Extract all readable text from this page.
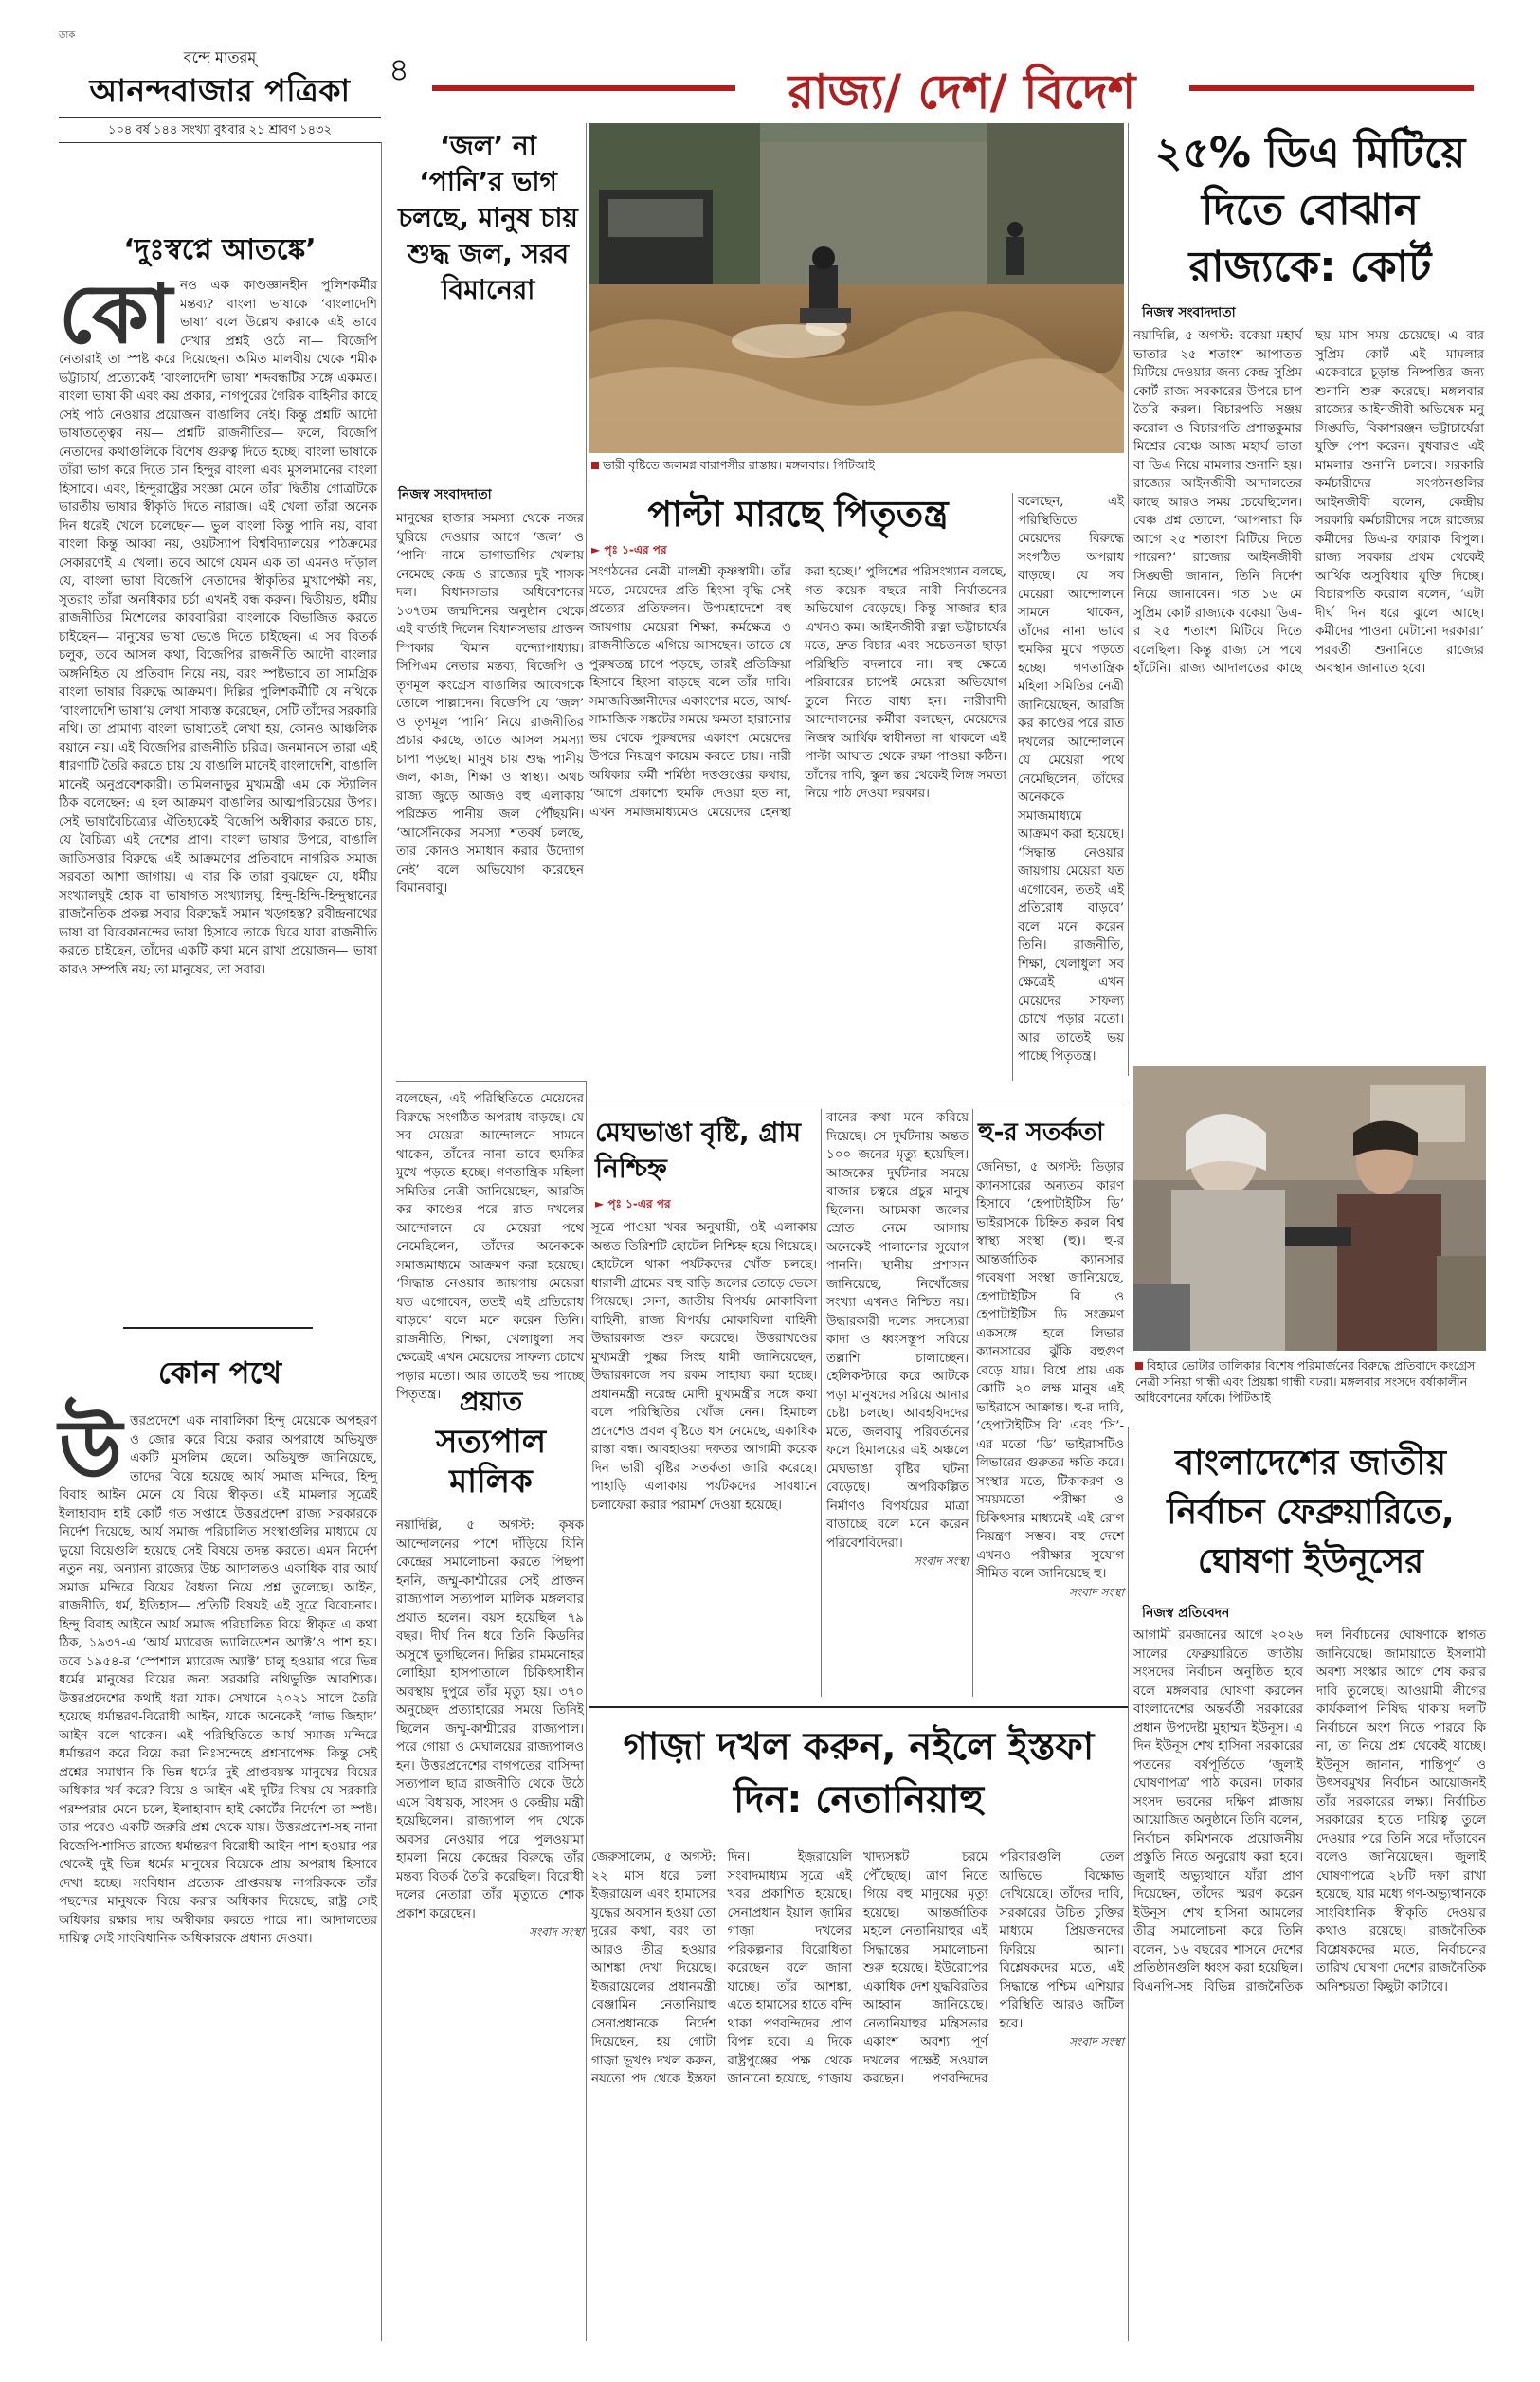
ডাক
বন্দে মাতরম্
আনন্দবাজার পত্রিকা
১০৪ বর্ষ ১৪৪ সংখ্যা বুধবার ২১ শ্রাবণ ১৪৩২
৪	রাজ্য/ দেশ/ বিদেশ
‘দুঃস্বপ্নে আতঙ্কে’
কো নও এক কাণ্ডজ্ঞানহীন পুলিশকর্মীর মন্তব্য? বাংলা ভাষাকে ‘বাংলাদেশি ভাষা’ বলে উল্লেখ করাকে এই ভাবে দেখার প্রশ্নই ওঠে না— বিজেপি নেতারাই তা স্পষ্ট করে দিয়েছেন। অমিত মালবীয় থেকে শমীক ভট্টাচার্য, প্রত্যেকেই ‘বাংলাদেশি ভাষা’ শব্দবন্ধটির সঙ্গে একমত। বাংলা ভাষা কী এবং কয় প্রকার, নাগপুরের গৈরিক বাহিনীর কাছে সেই পাঠ নেওয়ার প্রয়োজন বাঙালির নেই। কিন্তু প্রশ্নটি আদৌ ভাষাতত্ত্বের নয়— প্রশ্নটি রাজনীতির— ফলে, বিজেপি নেতাদের কথাগুলিকে বিশেষ গুরুত্ব দিতে হচ্ছে। বাংলা ভাষাকে তাঁরা ভাগ করে দিতে চান হিন্দুর বাংলা এবং মুসলমানের বাংলা হিসাবে। এবং, হিন্দুরাষ্ট্রের সংজ্ঞা মেনে তাঁরা দ্বিতীয় গোত্রটিকে ভারতীয় ভাষার স্বীকৃতি দিতে নারাজ। এই খেলা তাঁরা অনেক দিন ধরেই খেলে চলেছেন— ভুল বাংলা কিন্তু পানি নয়, বাবা বাংলা কিন্তু আব্বা নয়, ওয়টস্যাপ বিশ্ববিদ্যালয়ের পাঠক্রমের সেকারণেই এ খেলা। তবে আগে যেমন এক তা এমনও দাঁড়াল যে, বাংলা ভাষা বিজেপি নেতাদের স্বীকৃতির মুখাপেক্ষী নয়, সুতরাং তাঁরা অনধিকার চর্চা এখনই বন্ধ করুন। দ্বিতীয়ত, ধর্মীয় রাজনীতির মিশেলের কারবারিরা বাংলাকে বিভাজিত করতে চাইছেন— মানুষের ভাষা ভেঙে দিতে চাইছেন। এ সব বিতর্ক চলুক, তবে আসল কথা, বিজেপির রাজনীতি আদৌ বাংলার অঙ্গনিহিত যে প্রতিবাদ নিয়ে নয়, বরং স্পষ্টভাবে তা সামগ্রিক বাংলা ভাষার বিরুদ্ধে আক্রমণ। দিল্লির পুলিশকর্মীটি যে নথিকে ‘বাংলাদেশি ভাষা’য় লেখা সাব্যস্ত করেছেন, সেটি তাঁদের সরকারি নথি। তা প্রামাণ্য বাংলা ভাষাতেই লেখা হয়, কোনও আঞ্চলিক বয়ানে নয়। এই বিজেপির রাজনীতি চরিত্র। জনমানসে তারা এই ধারণাটি তৈরি করতে চায় যে বাঙালি মানেই বাংলাদেশি, বাঙালি মানেই অনুপ্রবেশকারী। তামিলনাড়ুর মুখ্যমন্ত্রী এম কে স্ট্যালিন ঠিক বলেছেন: এ হল আক্রমণ বাঙালির আত্মপরিচয়ের উপর। সেই ভাষাবৈচিত্র্যের ঐতিহ্যকেই বিজেপি অস্বীকার করতে চায়, যে বৈচিত্র্য এই দেশের প্রাণ। বাংলা ভাষার উপরে, বাঙালি জাতিসত্তার বিরুদ্ধে এই আক্রমণের প্রতিবাদে নাগরিক সমাজ সরবতা আশা জাগায়। এ বার কি তারা বুঝছেন যে, ধর্মীয় সংখ্যালঘুই হোক বা ভাষাগত সংখ্যালঘু, হিন্দু-হিন্দি-হিন্দুস্থানের রাজনৈতিক প্রকল্প সবার বিরুদ্ধেই সমান খড়্গহস্ত? রবীন্দ্রনাথের ভাষা বা বিবেকানন্দের ভাষা হিসাবে তাকে ঘিরে যারা রাজনীতি করতে চাইছেন, তাঁদের একটি কথা মনে রাখা প্রয়োজন— ভাষা কারও সম্পত্তি নয়; তা মানুষের, তা সবার।
কোন পথে
উ ত্তরপ্রদেশে এক নাবালিকা হিন্দু মেয়েকে অপহরণ ও জোর করে বিয়ে করার অপরাধে অভিযুক্ত একটি মুসলিম ছেলে। অভিযুক্ত জানিয়েছে, তাদের বিয়ে হয়েছে আর্য সমাজ মন্দিরে, হিন্দু বিবাহ আইন মেনে যে বিয়ে স্বীকৃত। এই মামলার সূত্রেই ইলাহাবাদ হাই কোর্ট গত সপ্তাহে উত্তরপ্রদেশ রাজ্য সরকারকে নির্দেশ দিয়েছে, আর্য সমাজ পরিচালিত সংস্থাগুলির মাধ্যমে যে ভুয়ো বিয়েগুলি হয়েছে সেই বিষয়ে তদন্ত করতে। এমন নির্দেশ নতুন নয়, অন্যান্য রাজ্যের উচ্চ আদালতও একাধিক বার আর্য সমাজ মন্দিরে বিয়ের বৈধতা নিয়ে প্রশ্ন তুলেছে। আইন, রাজনীতি, ধর্ম, ইতিহাস— প্রতিটি বিষয়ই এই সূত্রে বিবেচনার। হিন্দু বিবাহ আইনে আর্য সমাজ পরিচালিত বিয়ে স্বীকৃত এ কথা ঠিক, ১৯৩৭-এ ‘আর্য ম্যারেজ ভ্যালিডেশন অ্যাক্ট’ও পাশ হয়। তবে ১৯৫৪-র ‘স্পেশাল ম্যারেজ অ্যাক্ট’ চালু হওয়ার পরে ভিন্ন ধর্মের মানুষের বিয়ের জন্য সরকারি নথিভুক্তি আবশ্যিক। উত্তরপ্রদেশের কথাই ধরা যাক। সেখানে ২০২১ সালে তৈরি হয়েছে ধর্মান্তরণ-বিরোধী আইন, যাকে অনেকেই ‘লাভ জিহাদ’ আইন বলে থাকেন। এই পরিস্থিতিতে আর্য সমাজ মন্দিরে ধর্মান্তরণ করে বিয়ে করা নিঃসন্দেহে প্রশ্নসাপেক্ষ। কিন্তু সেই প্রশ্নের সমাধান কি ভিন্ন ধর্মের দুই প্রাপ্তবয়স্ক মানুষের বিয়ের অধিকার খর্ব করে? বিয়ে ও আইন এই দুটির বিষয় যে সরকারি পরম্পরার মেনে চলে, ইলাহাবাদ হাই কোর্টের নির্দেশে তা স্পষ্ট। তার পরেও একটি জরুরি প্রশ্ন থেকে যায়। উত্তরপ্রদেশ-সহ নানা বিজেপি-শাসিত রাজ্যে ধর্মান্তরণ বিরোধী আইন পাশ হওয়ার পর থেকেই দুই ভিন্ন ধর্মের মানুষের বিয়েকে প্রায় অপরাধ হিসাবে দেখা হচ্ছে। সংবিধান প্রত্যেক প্রাপ্তবয়স্ক নাগরিককে তাঁর পছন্দের মানুষকে বিয়ে করার অধিকার দিয়েছে, রাষ্ট্র সেই অধিকার রক্ষার দায় অস্বীকার করতে পারে না। আদালতের দায়িত্ব সেই সাংবিধানিক অধিকারকে প্রধান্য দেওয়া।
‘জল’ না ‘পানি’র ভাগ চলছে, মানুষ চায় শুদ্ধ জল, সরব বিমানেরা
নিজস্ব সংবাদদাতা
মানুষের হাজার সমস্যা থেকে নজর ঘুরিয়ে দেওয়ার আগে ‘জল’ ও ‘পানি’ নামে ভাগাভাগির খেলায় নেমেছে কেন্দ্র ও রাজ্যের দুই শাসক দল। বিধানসভার অধিবেশনের ১৩৭তম জন্মদিনের অনুষ্ঠান থেকে এই বার্তাই দিলেন বিধানসভার প্রাক্তন স্পিকার বিমান বন্দ্যোপাধ্যায়। সিপিএম নেতার মন্তব্য, বিজেপি ও তৃণমূল কংগ্রেস বাঙালির আবেগকে তোলে পাল্লাদেন। বিজেপি যে ‘জল’ ও তৃণমূল ‘পানি’ নিয়ে রাজনীতির প্রচার করছে, তাতে আসল সমস্যা চাপা পড়ছে। মানুষ চায় শুদ্ধ পানীয় জল, কাজ, শিক্ষা ও স্বাস্থ্য। অথচ রাজ্য জুড়ে আজও বহু এলাকায় পরিস্রুত পানীয় জল পৌঁছয়নি। ‘আর্সেনিকের সমস্যা শতবর্ষ চলছে, তার কোনও সমাধান করার উদ্যোগ নেই’ বলে অভিযোগ করেছেন বিমানবাবু।
ভারী বৃষ্টিতে জলমগ্ন বারাণসীর রাস্তায়। মঙ্গলবার। পিটিআই
২৫% ডিএ মিটিয়ে দিতে বোঝান রাজ্যকে: কোর্ট
নিজস্ব সংবাদদাতা
নয়াদিল্লি, ৫ অগস্ট: বকেয়া মহার্ঘ ভাতার ২৫ শতাংশ আপাতত মিটিয়ে দেওয়ার জন্য কেন্দ্র সুপ্রিম কোর্ট রাজ্য সরকারের উপরে চাপ তৈরি করল। বিচারপতি সঞ্জয় করোল ও বিচারপতি প্রশান্তকুমার মিশ্রের বেঞ্চে আজ মহার্ঘ ভাতা বা ডিএ নিয়ে মামলার শুনানি হয়। রাজ্যের আইনজীবী আদালতের কাছে আরও সময় চেয়েছিলেন। বেঞ্চ প্রশ্ন তোলে, ‘আপনারা কি আগে ২৫ শতাংশ মিটিয়ে দিতে পারেন?’ রাজ্যের আইনজীবী সিঙ্ঘভী জানান, তিনি নির্দেশ নিয়ে জানাবেন। গত ১৬ মে সুপ্রিম কোর্ট রাজ্যকে বকেয়া ডিএ-র ২৫ শতাংশ মিটিয়ে দিতে বলেছিল। কিন্তু রাজ্য সে পথে হাঁটেনি। রাজ্য আদালতের কাছে ছয় মাস সময় চেয়েছে। এ বার সুপ্রিম কোর্ট এই মামলার একেবারে চূড়ান্ত নিষ্পত্তির জন্য শুনানি শুরু করেছে। মঙ্গলবার রাজ্যের আইনজীবী অভিষেক মনু সিঙ্ঘভি, বিকাশরঞ্জন ভট্টাচার্যেরা যুক্তি পেশ করেন। বুধবারও এই মামলার শুনানি চলবে। সরকারি কর্মচারীদের সংগঠনগুলির আইনজীবী বলেন, কেন্দ্রীয় সরকারি কর্মচারীদের সঙ্গে রাজ্যের কর্মীদের ডিএ-র ফারাক বিপুল। রাজ্য সরকার প্রথম থেকেই আর্থিক অসুবিধার যুক্তি দিচ্ছে। বিচারপতি করোল বলেন, ‘এটা দীর্ঘ দিন ধরে ঝুলে আছে। কর্মীদের পাওনা মেটানো দরকার।’ পরবর্তী শুনানিতে রাজ্যের অবস্থান জানাতে হবে।
বিহারে ভোটার তালিকার বিশেষ পরিমার্জনের বিরুদ্ধে প্রতিবাদে কংগ্রেস নেত্রী সনিয়া গান্ধী এবং প্রিয়ঙ্কা গান্ধী বঢরা। মঙ্গলবার সংসদে বর্ষাকালীন অধিবেশনের ফাঁকে। পিটিআই
বাংলাদেশের জাতীয় নির্বাচন ফেব্রুয়ারিতে, ঘোষণা ইউনূসের
নিজস্ব প্রতিবেদন
আগামী রমজানের আগে ২০২৬ সালের ফেব্রুয়ারিতে জাতীয় সংসদের নির্বাচন অনুষ্ঠিত হবে বলে মঙ্গলবার ঘোষণা করলেন বাংলাদেশের অন্তর্বর্তী সরকারের প্রধান উপদেষ্টা মুহাম্মদ ইউনূস। এ দিন ইউনূস শেখ হাসিনা সরকারের পতনের বর্ষপূর্তিতে ‘জুলাই ঘোষণাপত্র’ পাঠ করেন। ঢাকার সংসদ ভবনের দক্ষিণ প্লাজায় আয়োজিত অনুষ্ঠানে তিনি বলেন, নির্বাচন কমিশনকে প্রয়োজনীয় প্রস্তুতি নিতে অনুরোধ করা হবে। জুলাই অভ্যুত্থানে যাঁরা প্রাণ দিয়েছেন, তাঁদের স্মরণ করেন ইউনূস। শেখ হাসিনা আমলের তীব্র সমালোচনা করে তিনি বলেন, ১৬ বছরের শাসনে দেশের প্রতিষ্ঠানগুলি ধ্বংস করা হয়েছিল। বিএনপি-সহ বিভিন্ন রাজনৈতিক দল নির্বাচনের ঘোষণাকে স্বাগত জানিয়েছে। জামায়াতে ইসলামী অবশ্য সংস্কার আগে শেষ করার দাবি তুলেছে। আওয়ামী লীগের কার্যকলাপ নিষিদ্ধ থাকায় দলটি নির্বাচনে অংশ নিতে পারবে কি না, তা নিয়ে প্রশ্ন থেকেই যাচ্ছে। ইউনূস জানান, শান্তিপূর্ণ ও উৎসবমুখর নির্বাচন আয়োজনই তাঁর সরকারের লক্ষ্য। নির্বাচিত সরকারের হাতে দায়িত্ব তুলে দেওয়ার পরে তিনি সরে দাঁড়াবেন বলেও জানিয়েছেন। জুলাই ঘোষণাপত্রে ২৮টি দফা রাখা হয়েছে, যার মধ্যে গণ-অভ্যুত্থানকে সাংবিধানিক স্বীকৃতি দেওয়ার কথাও রয়েছে। রাজনৈতিক বিশ্লেষকদের মতে, নির্বাচনের তারিখ ঘোষণা দেশের রাজনৈতিক অনিশ্চয়তা কিছুটা কাটাবে।
পাল্টা মারছে পিতৃতন্ত্র
► পৃঃ ১-এর পর
সংগঠনের নেত্রী মালশ্রী কৃষ্ণস্বামী। তাঁর মতে, মেয়েদের প্রতি হিংসা বৃদ্ধি সেই প্রত্যের প্রতিফলন। উপমহাদেশে বহু জায়গায় মেয়েরা শিক্ষা, কর্মক্ষেত্র ও রাজনীতিতে এগিয়ে আসছেন। তাতে যে পুরুষতন্ত্র চাপে পড়ছে, তারই প্রতিক্রিয়া হিসাবে হিংসা বাড়ছে বলে তাঁর দাবি। সমাজবিজ্ঞানীদের একাংশের মতে, আর্থ-সামাজিক সঙ্কটের সময়ে ক্ষমতা হারানোর ভয় থেকে পুরুষদের একাংশ মেয়েদের উপরে নিয়ন্ত্রণ কায়েম করতে চায়। নারী অধিকার কর্মী শর্মিষ্ঠা দত্তগুপ্তের কথায়, ‘আগে প্রকাশ্যে হুমকি দেওয়া হত না, এখন সমাজমাধ্যমেও মেয়েদের হেনস্থা করা হচ্ছে।’ পুলিশের পরিসংখ্যান বলছে, গত কয়েক বছরে নারী নির্যাতনের অভিযোগ বেড়েছে। কিন্তু সাজার হার এখনও কম। আইনজীবী রত্না ভট্টাচার্যের মতে, দ্রুত বিচার এবং সচেতনতা ছাড়া পরিস্থিতি বদলাবে না। বহু ক্ষেত্রে পরিবারের চাপেই মেয়েরা অভিযোগ তুলে নিতে বাধ্য হন। নারীবাদী আন্দোলনের কর্মীরা বলছেন, মেয়েদের নিজস্ব আর্থিক স্বাধীনতা না থাকলে এই পাল্টা আঘাত থেকে রক্ষা পাওয়া কঠিন। তাঁদের দাবি, স্কুল স্তর থেকেই লিঙ্গ সমতা নিয়ে পাঠ দেওয়া দরকার।
বলেছেন, এই পরিস্থিতিতে মেয়েদের বিরুদ্ধে সংগঠিত অপরাধ বাড়ছে। যে সব মেয়েরা আন্দোলনে সামনে থাকেন, তাঁদের নানা ভাবে হুমকির মুখে পড়তে হচ্ছে। গণতান্ত্রিক মহিলা সমিতির নেত্রী জানিয়েছেন, আরজি কর কাণ্ডের পরে রাত দখলের আন্দোলনে যে মেয়েরা পথে নেমেছিলেন, তাঁদের অনেককে সমাজমাধ্যমে আক্রমণ করা হয়েছে। ‘সিদ্ধান্ত নেওয়ার জায়গায় মেয়েরা যত এগোবেন, ততই এই প্রতিরোধ বাড়বে’ বলে মনে করেন তিনি। রাজনীতি, শিক্ষা, খেলাধুলা সব ক্ষেত্রেই এখন মেয়েদের সাফল্য চোখে পড়ার মতো। আর তাতেই ভয় পাচ্ছে পিতৃতন্ত্র।
প্রয়াত
সত্যপাল মালিক
নয়াদিল্লি, ৫ অগস্ট: কৃষক আন্দোলনের পাশে দাঁড়িয়ে যিনি কেন্দ্রের সমালোচনা করতে পিছপা হননি, জম্মু-কাশ্মীরের সেই প্রাক্তন রাজ্যপাল সত্যপাল মালিক মঙ্গলবার প্রয়াত হলেন। বয়স হয়েছিল ৭৯ বছর। দীর্ঘ দিন ধরে তিনি কিডনির অসুখে ভুগছিলেন। দিল্লির রামমনোহর লোহিয়া হাসপাতালে চিকিৎসাধীন অবস্থায় দুপুরে তাঁর মৃত্যু হয়। ৩৭০ অনুচ্ছেদ প্রত্যাহারের সময়ে তিনিই ছিলেন জম্মু-কাশ্মীরের রাজ্যপাল। পরে গোয়া ও মেঘালয়ের রাজ্যপালও হন। উত্তরপ্রদেশের বাগপতের বাসিন্দা সত্যপাল ছাত্র রাজনীতি থেকে উঠে এসে বিধায়ক, সাংসদ ও কেন্দ্রীয় মন্ত্রী হয়েছিলেন। রাজ্যপাল পদ থেকে অবসর নেওয়ার পরে পুলওয়ামা হামলা নিয়ে কেন্দ্রের বিরুদ্ধে তাঁর মন্তব্য বিতর্ক তৈরি করেছিল। বিরোধী দলের নেতারা তাঁর মৃত্যুতে শোক প্রকাশ করেছেন।
সংবাদ সংস্থা
বলেছেন, এই পরিস্থিতিতে মেয়েদের বিরুদ্ধে সংগঠিত অপরাধ বাড়ছে। যে সব মেয়েরা আন্দোলনে সামনে থাকেন, তাঁদের নানা ভাবে হুমকির মুখে পড়তে হচ্ছে। গণতান্ত্রিক মহিলা সমিতির নেত্রী জানিয়েছেন, আরজি কর কাণ্ডের পরে রাত দখলের আন্দোলনে যে মেয়েরা পথে নেমেছিলেন, তাঁদের অনেককে সমাজমাধ্যমে আক্রমণ করা হয়েছে। ‘সিদ্ধান্ত নেওয়ার জায়গায় মেয়েরা যত এগোবেন, ততই এই প্রতিরোধ বাড়বে’ বলে মনে করেন তিনি। রাজনীতি, শিক্ষা, খেলাধুলা সব ক্ষেত্রেই এখন মেয়েদের সাফল্য চোখে পড়ার মতো। আর তাতেই ভয় পাচ্ছে পিতৃতন্ত্র।
মেঘভাঙা বৃষ্টি, গ্রাম নিশ্চিহ্ন
► পৃঃ ১-এর পর
সূত্রে পাওয়া খবর অনুযায়ী, ওই এলাকায় অন্তত তিরিশটি হোটেল নিশ্চিহ্ন হয়ে গিয়েছে। হোটেলে থাকা পর্যটকদের খোঁজ চলছে। ধারালী গ্রামের বহু বাড়ি জলের তোড়ে ভেসে গিয়েছে। সেনা, জাতীয় বিপর্যয় মোকাবিলা বাহিনী, রাজ্য বিপর্যয় মোকাবিলা বাহিনী উদ্ধারকাজ শুরু করেছে। উত্তরাখণ্ডের মুখ্যমন্ত্রী পুষ্কর সিংহ ধামী জানিয়েছেন, উদ্ধারকাজে সব রকম সাহায্য করা হচ্ছে। প্রধানমন্ত্রী নরেন্দ্র মোদী মুখ্যমন্ত্রীর সঙ্গে কথা বলে পরিস্থিতির খোঁজ নেন। হিমাচল প্রদেশেও প্রবল বৃষ্টিতে ধস নেমেছে, একাধিক রাস্তা বন্ধ। আবহাওয়া দফতর আগামী কয়েক দিন ভারী বৃষ্টির সতর্কতা জারি করেছে। পাহাড়ি এলাকায় পর্যটকদের সাবধানে চলাফেরা করার পরামর্শ দেওয়া হয়েছে।
বানের কথা মনে করিয়ে দিয়েছে। সে দুর্ঘটনায় অন্তত ১০০ জনের মৃত্যু হয়েছিল। আজকের দুর্ঘটনার সময়ে বাজার চত্বরে প্রচুর মানুষ ছিলেন। আচমকা জলের স্রোত নেমে আসায় অনেকেই পালানোর সুযোগ পাননি। স্থানীয় প্রশাসন জানিয়েছে, নিখোঁজের সংখ্যা এখনও নিশ্চিত নয়। উদ্ধারকারী দলের সদস্যেরা কাদা ও ধ্বংসস্তূপ সরিয়ে তল্লাশি চালাচ্ছেন। হেলিকপ্টারে করে আটকে পড়া মানুষদের সরিয়ে আনার চেষ্টা চলছে। আবহবিদদের মতে, জলবায়ু পরিবর্তনের ফলে হিমালয়ের এই অঞ্চলে মেঘভাঙা বৃষ্টির ঘটনা বেড়েছে। অপরিকল্পিত নির্মাণও বিপর্যয়ের মাত্রা বাড়াচ্ছে বলে মনে করেন পরিবেশবিদেরা।
সংবাদ সংস্থা
হু-র সতর্কতা
জেনিভা, ৫ অগস্ট: ভিড়ার ক্যানসারের অন্যতম কারণ হিসাবে ‘হেপাটাইটিস ডি’ ভাইরাসকে চিহ্নিত করল বিশ্ব স্বাস্থ্য সংস্থা (হু)। হু-র আন্তর্জাতিক ক্যানসার গবেষণা সংস্থা জানিয়েছে, হেপাটাইটিস বি ও হেপাটাইটিস ডি সংক্রমণ একসঙ্গে হলে লিভার ক্যানসারের ঝুঁকি বহুগুণ বেড়ে যায়। বিশ্বে প্রায় এক কোটি ২০ লক্ষ মানুষ এই ভাইরাসে আক্রান্ত। হু-র দাবি, ‘হেপাটাইটিস বি’ এবং ‘সি’-এর মতো ‘ডি’ ভাইরাসটিও লিভারের গুরুতর ক্ষতি করে। সংস্থার মতে, টিকাকরণ ও সময়মতো পরীক্ষা ও চিকিৎসার মাধ্যমেই এই রোগ নিয়ন্ত্রণ সম্ভব। বহু দেশে এখনও পরীক্ষার সুযোগ সীমিত বলে জানিয়েছে হু।
সংবাদ সংস্থা
গাজ়া দখল করুন, নইলে ইস্তফা দিন: নেতানিয়াহু
জেরুসালেম, ৫ অগস্ট: ২২ মাস ধরে চলা ইজ়রায়েল এবং হামাসের যুদ্ধের অবসান হওয়া তো দূরের কথা, বরং তা আরও তীব্র হওয়ার আশঙ্কা দেখা দিয়েছে। ইজ়রায়েলের প্রধানমন্ত্রী বেঞ্জামিন নেতানিয়াহু সেনাপ্রধানকে নির্দেশ দিয়েছেন, হয় গোটা গাজ়া ভূখণ্ড দখল করুন, নয়তো পদ থেকে ইস্তফা দিন। ইজ়রায়েলি সংবাদমাধ্যম সূত্রে এই খবর প্রকাশিত হয়েছে। সেনাপ্রধান ইয়াল জ়ামির গাজ়া দখলের পরিকল্পনার বিরোধিতা করেছেন বলে জানা যাচ্ছে। তাঁর আশঙ্কা, এতে হামাসের হাতে বন্দি থাকা পণবন্দিদের প্রাণ বিপন্ন হবে। এ দিকে রাষ্ট্রপুঞ্জের পক্ষ থেকে জানানো হয়েছে, গাজ়ায় খাদ্যসঙ্কট চরমে পৌঁছেছে। ত্রাণ নিতে গিয়ে বহু মানুষের মৃত্যু হয়েছে। আন্তর্জাতিক মহলে নেতানিয়াহুর এই সিদ্ধান্তের সমালোচনা শুরু হয়েছে। ইউরোপের একাধিক দেশ যুদ্ধবিরতির আহ্বান জানিয়েছে। নেতানিয়াহুর মন্ত্রিসভার একাংশ অবশ্য পূর্ণ দখলের পক্ষেই সওয়াল করছেন। পণবন্দিদের পরিবারগুলি তেল আভিভে বিক্ষোভ দেখিয়েছে। তাঁদের দাবি, সরকারের উচিত চুক্তির মাধ্যমে প্রিয়জনদের ফিরিয়ে আনা। বিশ্লেষকদের মতে, এই সিদ্ধান্তে পশ্চিম এশিয়ার পরিস্থিতি আরও জটিল হবে।
সংবাদ সংস্থা
